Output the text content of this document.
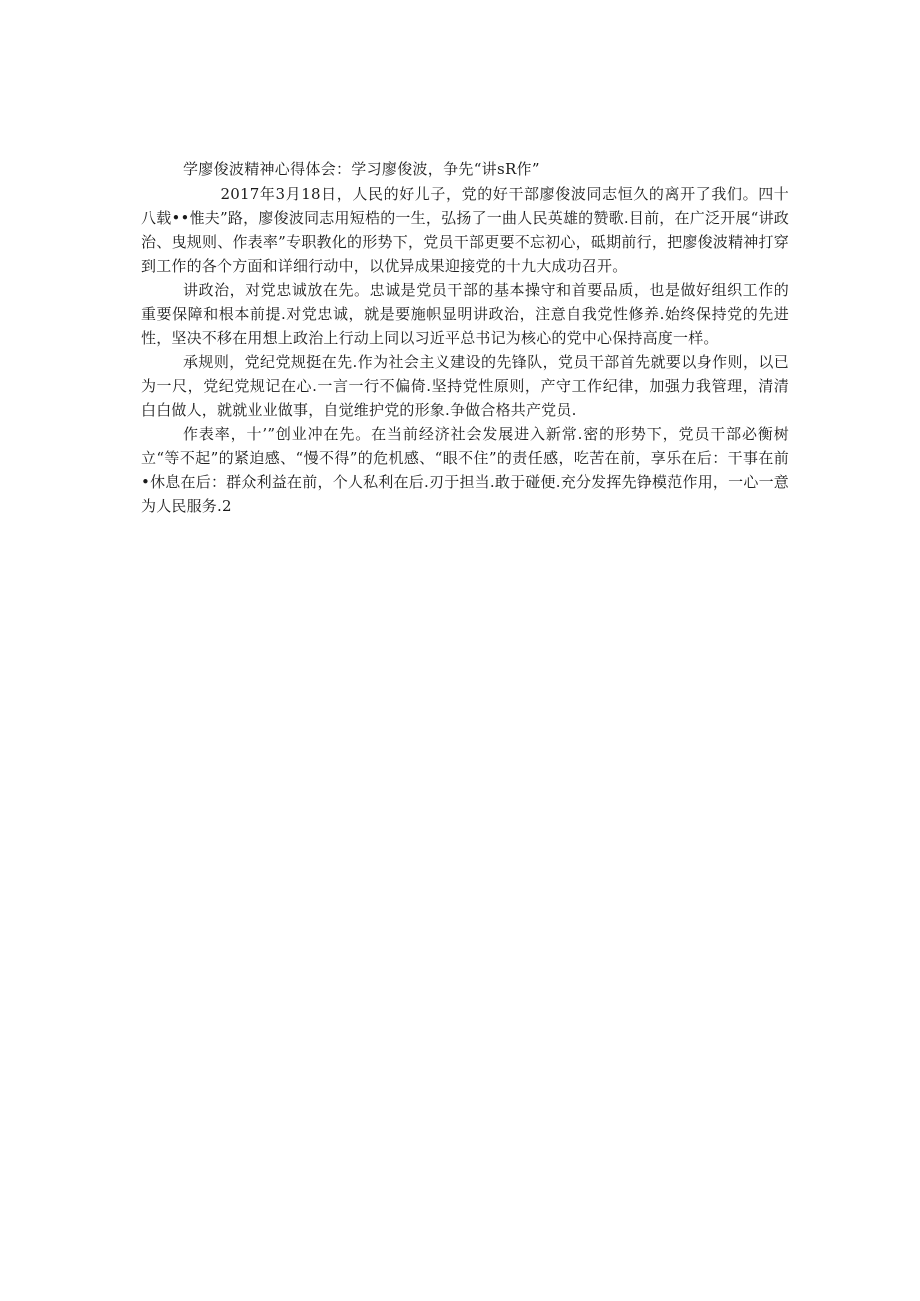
学廖俊波精神心得体会：学习廖俊波，争先“讲sR作”

2017年3月18日，人民的好儿子，党的好干部廖俊波同志恒久的离开了我们。四十八载••惟夫”路，廖俊波同志用短梏的一生，弘扬了一曲人民英雄的赞歌.目前，在广泛开展“讲政治、曳规则、作表率”专职教化的形势下，党员干部更要不忘初心，砥期前行，把廖俊波精神打穿到工作的各个方面和详细行动中，以优异成果迎接党的十九大成功召开。

讲政治，对党忠诚放在先。忠诚是党员干部的基本操守和首要品质，也是做好组织工作的重要保障和根本前提.对党忠诚，就是要施帜显明讲政治，注意自我党性修养.始终保持党的先进性，坚决不移在用想上政治上行动上同以习近平总书记为核心的党中心保持高度一样。

承规则，党纪党规挺在先.作为社会主义建设的先锋队，党员干部首先就要以身作则，以已为一尺，党纪党规记在心.一言一行不偏倚.坚持党性原则，产守工作纪律，加强力我管理，清清白白做人，就就业业做事，自觉维护党的形象.争做合格共产党员.

作表率，十’”创业冲在先。在当前经济社会发展进入新常.密的形势下，党员干部必衡树立“等不起”的紧迫感、“慢不得”的危机感、“眼不住”的责任感，吃苦在前，享乐在后：干事在前•休息在后：群众利益在前，个人私利在后.刃于担当.敢于碰便.充分发挥先铮模范作用，一心一意为人民服务.2
